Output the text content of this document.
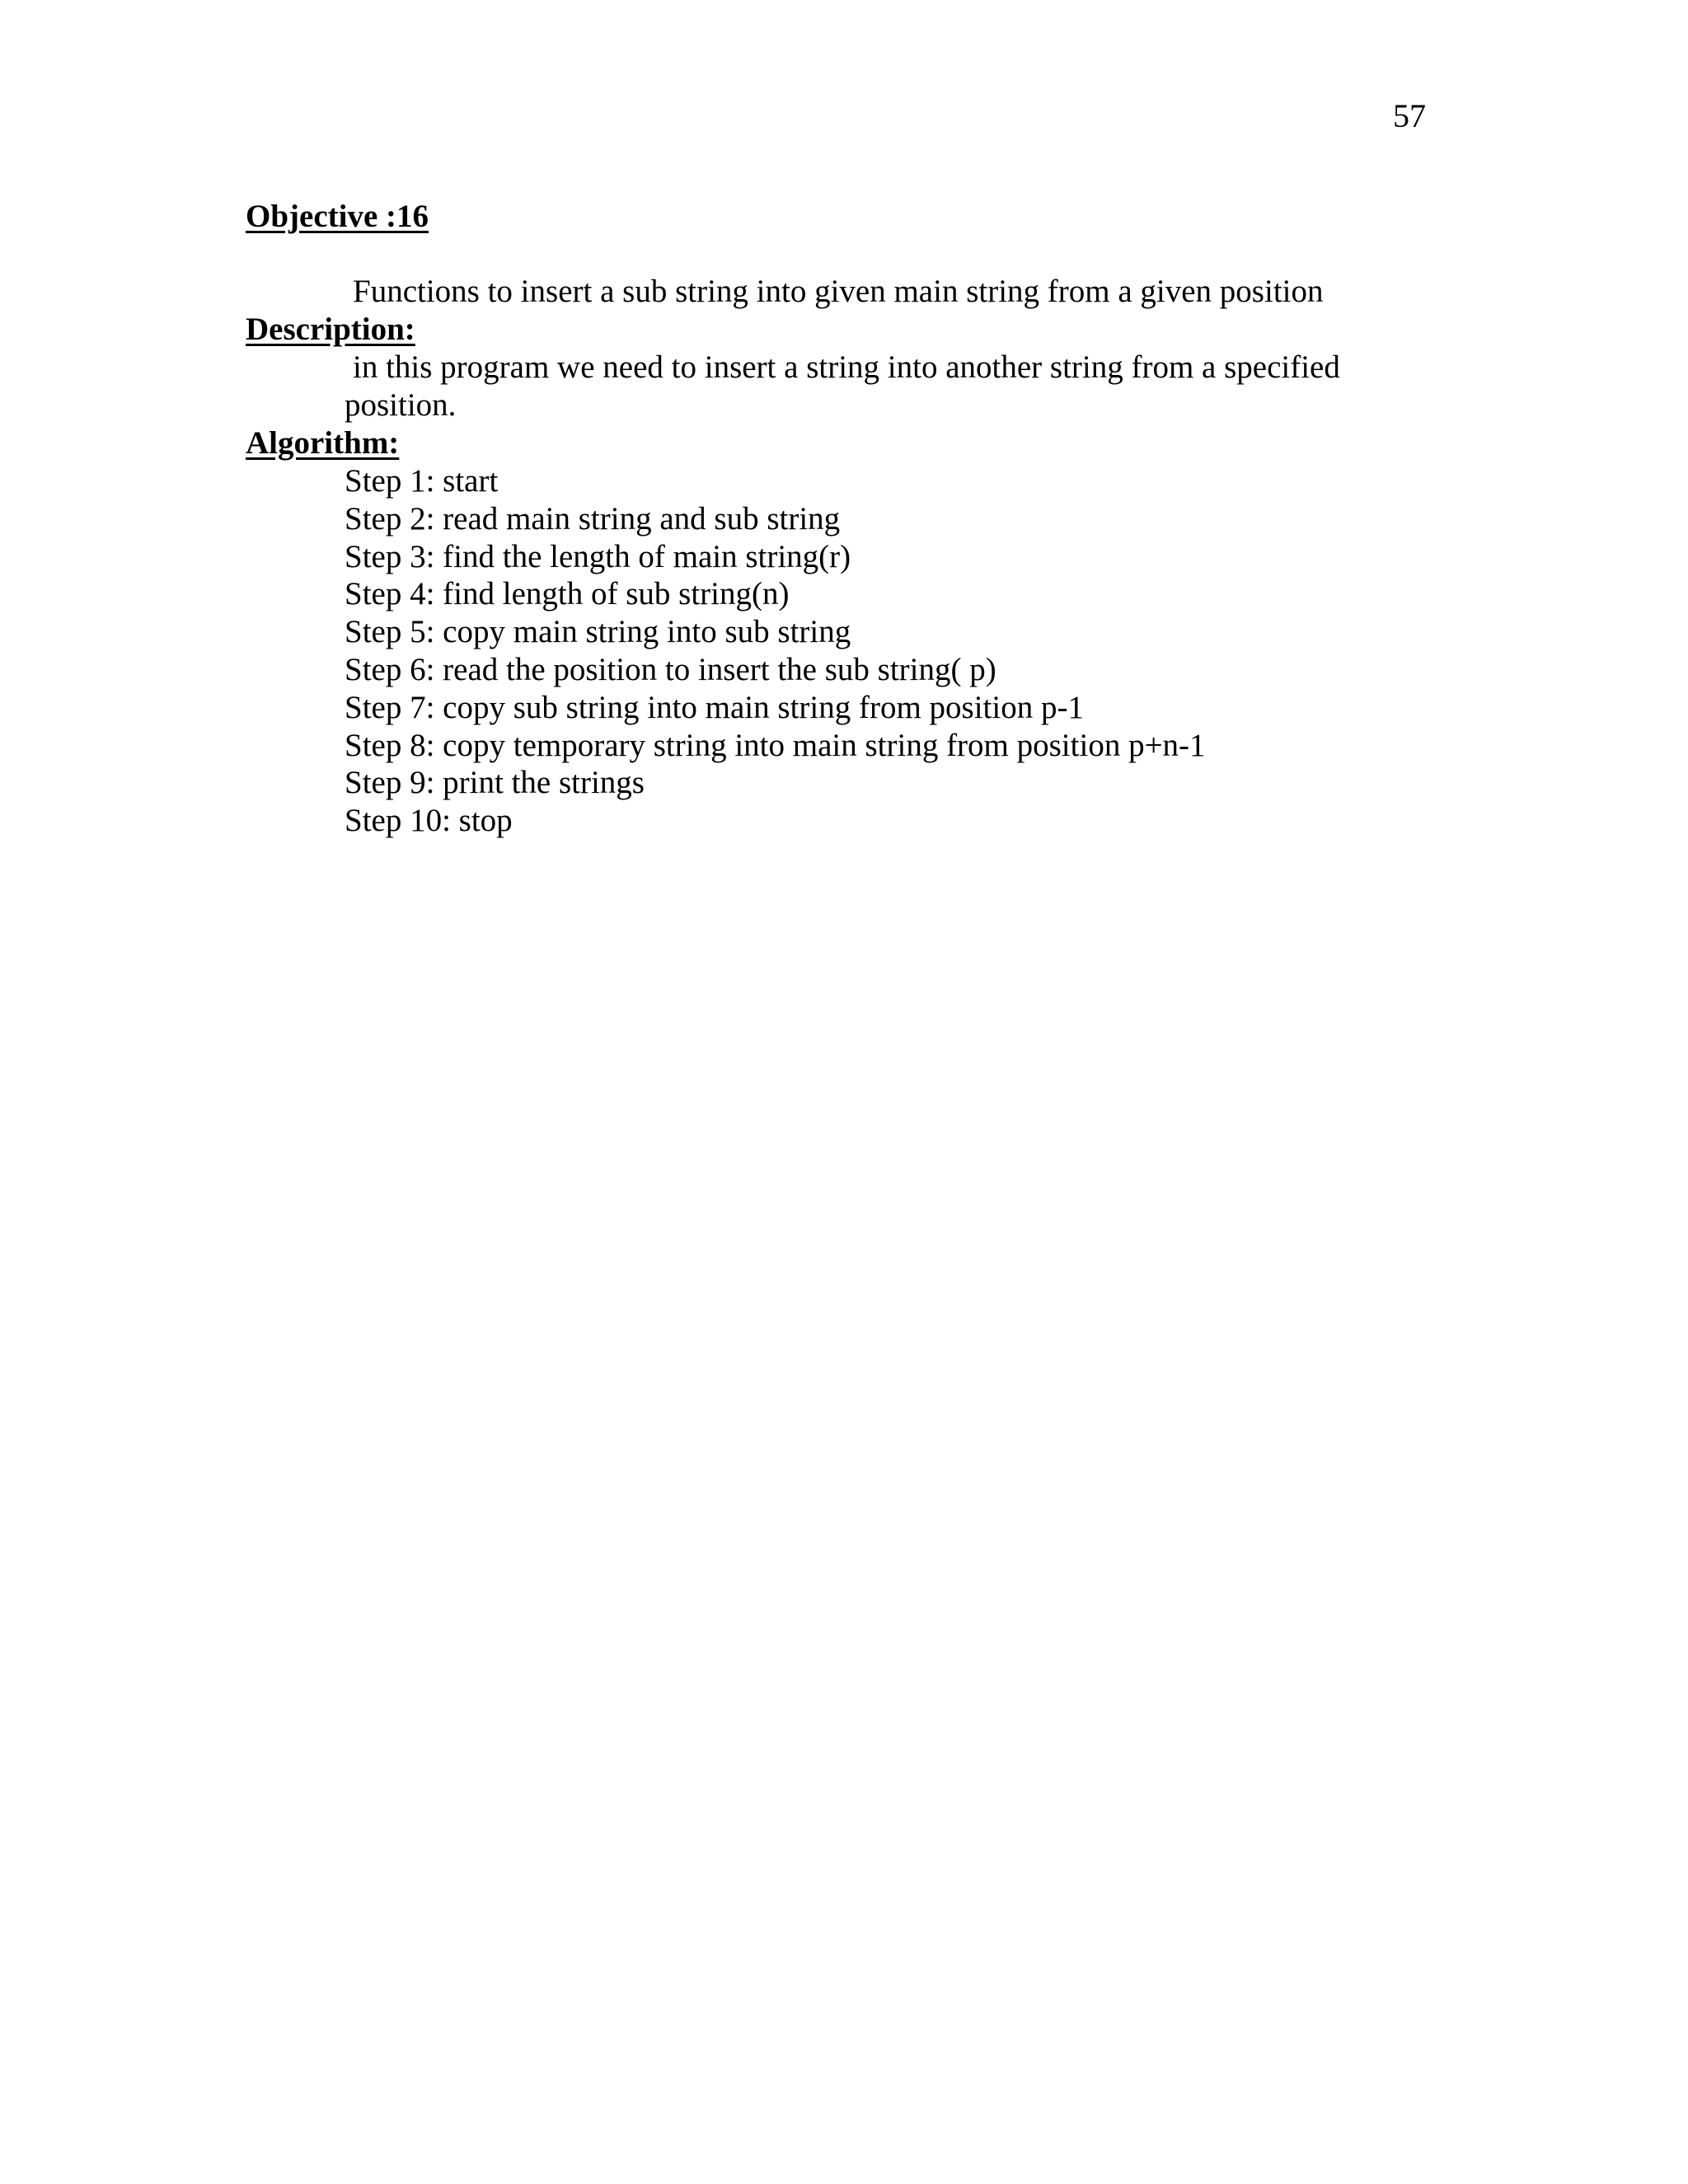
57
Objective :16
Functions to insert a sub string into given main string from a given position
Description:
in this program we need to insert a string into another string from a specified
position.
Algorithm:
Step 1: start
Step 2: read main string and sub string
Step 3: find the length of main string(r)
Step 4: find length of sub string(n)
Step 5: copy main string into sub string
Step 6: read the position to insert the sub string( p)
Step 7: copy sub string into main string from position p-1
Step 8: copy temporary string into main string from position p+n-1
Step 9: print the strings
Step 10: stop
